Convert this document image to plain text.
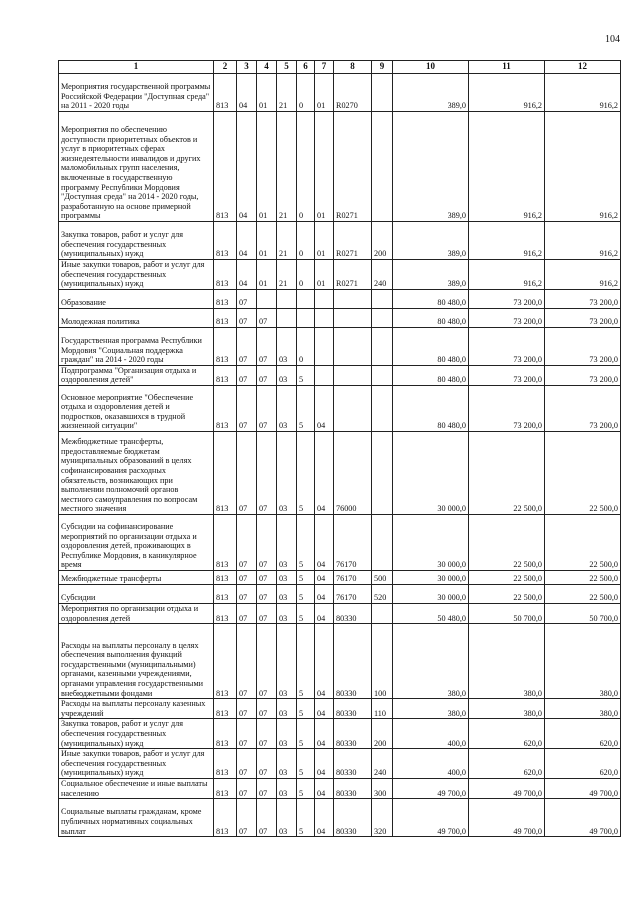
104
1	2	3	4	5	6	7	8	9	10	11	12
Мероприятия государственной программы Российской Федерации "Доступная среда" на 2011 - 2020 годы	813	04	01	21	0	01	R0270		389,0	916,2	916,2
Мероприятия по обеспечению доступности приоритетных объектов и услуг в приоритетных сферах жизнедеятельности инвалидов и других маломобильных групп населения, включенные в государственную программу Республики Мордовия "Доступная среда" на 2014 - 2020 годы, разработанную на основе примерной программы	813	04	01	21	0	01	R0271		389,0	916,2	916,2
Закупка товаров, работ и услуг для обеспечения государственных (муниципальных) нужд	813	04	01	21	0	01	R0271	200	389,0	916,2	916,2
Иные закупки товаров, работ и услуг для обеспечения государственных (муниципальных) нужд	813	04	01	21	0	01	R0271	240	389,0	916,2	916,2
Образование	813	07							80 480,0	73 200,0	73 200,0
Молодежная политика	813	07	07						80 480,0	73 200,0	73 200,0
Государственная программа Республики Мордовия "Социальная поддержка граждан" на 2014 - 2020 годы	813	07	07	03	0				80 480,0	73 200,0	73 200,0
Подпрограмма "Организация отдыха и оздоровления детей"	813	07	07	03	5				80 480,0	73 200,0	73 200,0
Основное мероприятие "Обеспечение отдыха и оздоровления детей и подростков, оказавшихся в трудной жизненной ситуации"	813	07	07	03	5	04			80 480,0	73 200,0	73 200,0
Межбюджетные трансферты, предоставляемые бюджетам муниципальных образований в целях софинансирования расходных обязательств, возникающих при выполнении полномочий органов местного самоуправления по вопросам местного значения	813	07	07	03	5	04	76000		30 000,0	22 500,0	22 500,0
Субсидии на софинансирование мероприятий по организации отдыха и оздоровления детей, проживающих в Республике Мордовия, в каникулярное время	813	07	07	03	5	04	76170		30 000,0	22 500,0	22 500,0
Межбюджетные трансферты	813	07	07	03	5	04	76170	500	30 000,0	22 500,0	22 500,0
Субсидии	813	07	07	03	5	04	76170	520	30 000,0	22 500,0	22 500,0
Мероприятия по организации отдыха и оздоровления детей	813	07	07	03	5	04	80330		50 480,0	50 700,0	50 700,0
Расходы на выплаты персоналу в целях обеспечения выполнения функций государственными (муниципальными) органами, казенными учреждениями, органами управления государственными внебюджетными фондами	813	07	07	03	5	04	80330	100	380,0	380,0	380,0
Расходы на выплаты персоналу казенных учреждений	813	07	07	03	5	04	80330	110	380,0	380,0	380,0
Закупка товаров, работ и услуг для обеспечения государственных (муниципальных) нужд	813	07	07	03	5	04	80330	200	400,0	620,0	620,0
Иные закупки товаров, работ и услуг для обеспечения государственных (муниципальных) нужд	813	07	07	03	5	04	80330	240	400,0	620,0	620,0
Социальное обеспечение и иные выплаты населению	813	07	07	03	5	04	80330	300	49 700,0	49 700,0	49 700,0
Социальные выплаты гражданам, кроме публичных нормативных социальных выплат	813	07	07	03	5	04	80330	320	49 700,0	49 700,0	49 700,0
